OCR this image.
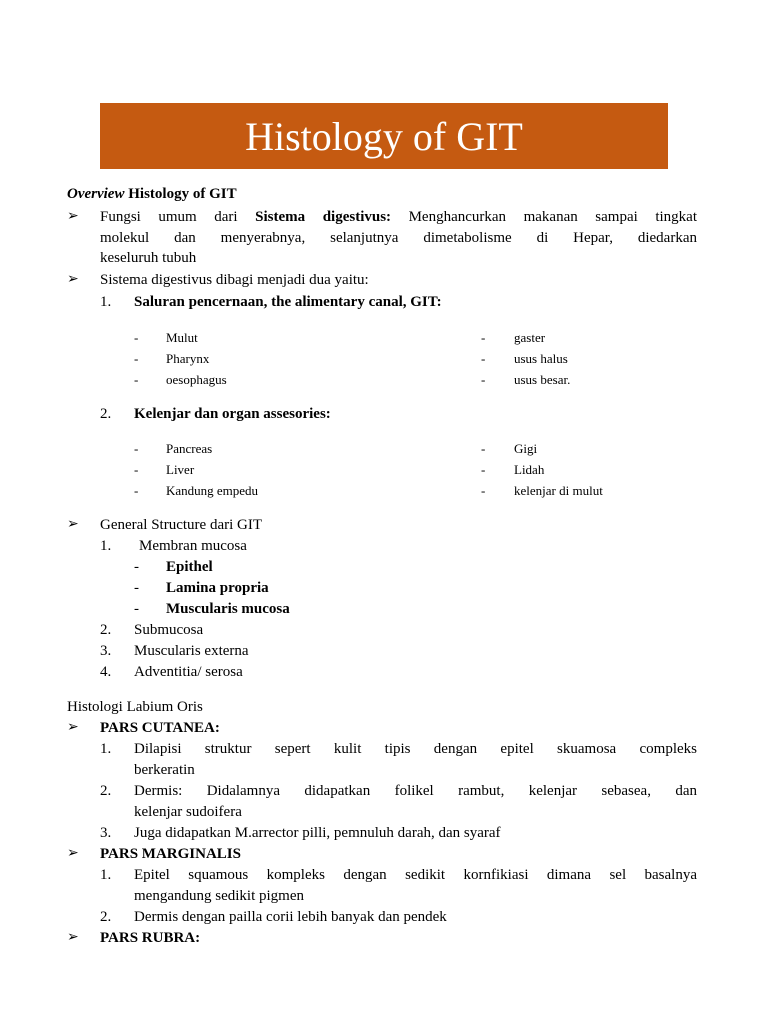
Histology of GIT
Overview Histology of GIT
➢ Fungsi umum dari Sistema digestivus: Menghancurkan makanan sampai tingkat
molekul dan menyerabnya, selanjutnya dimetabolisme di Hepar, diedarkan
keseluruh tubuh
➢ Sistema digestivus dibagi menjadi dua yaitu:
1. Saluran pencernaan, the alimentary canal, GIT:
- Mulut
- Pharynx
- oesophagus
- gaster
- usus halus
- usus besar.
2. Kelenjar dan organ assesories:
- Pancreas
- Liver
- Kandung empedu
- Gigi
- Lidah
- kelenjar di mulut
➢ General Structure dari GIT
1. Membran mucosa
- Epithel
- Lamina propria
- Muscularis mucosa
2. Submucosa
3. Muscularis externa
4. Adventitia/ serosa
Histologi Labium Oris
➢ PARS CUTANEA:
1. Dilapisi struktur sepert kulit tipis dengan epitel skuamosa compleks
berkeratin
2. Dermis: Didalamnya didapatkan folikel rambut, kelenjar sebasea, dan
kelenjar sudoifera
3. Juga didapatkan M.arrector pilli, pemnuluh darah, dan syaraf
➢ PARS MARGINALIS
1. Epitel squamous kompleks dengan sedikit kornfikiasi dimana sel basalnya
mengandung sedikit pigmen
2. Dermis dengan pailla corii lebih banyak dan pendek
➢ PARS RUBRA:
